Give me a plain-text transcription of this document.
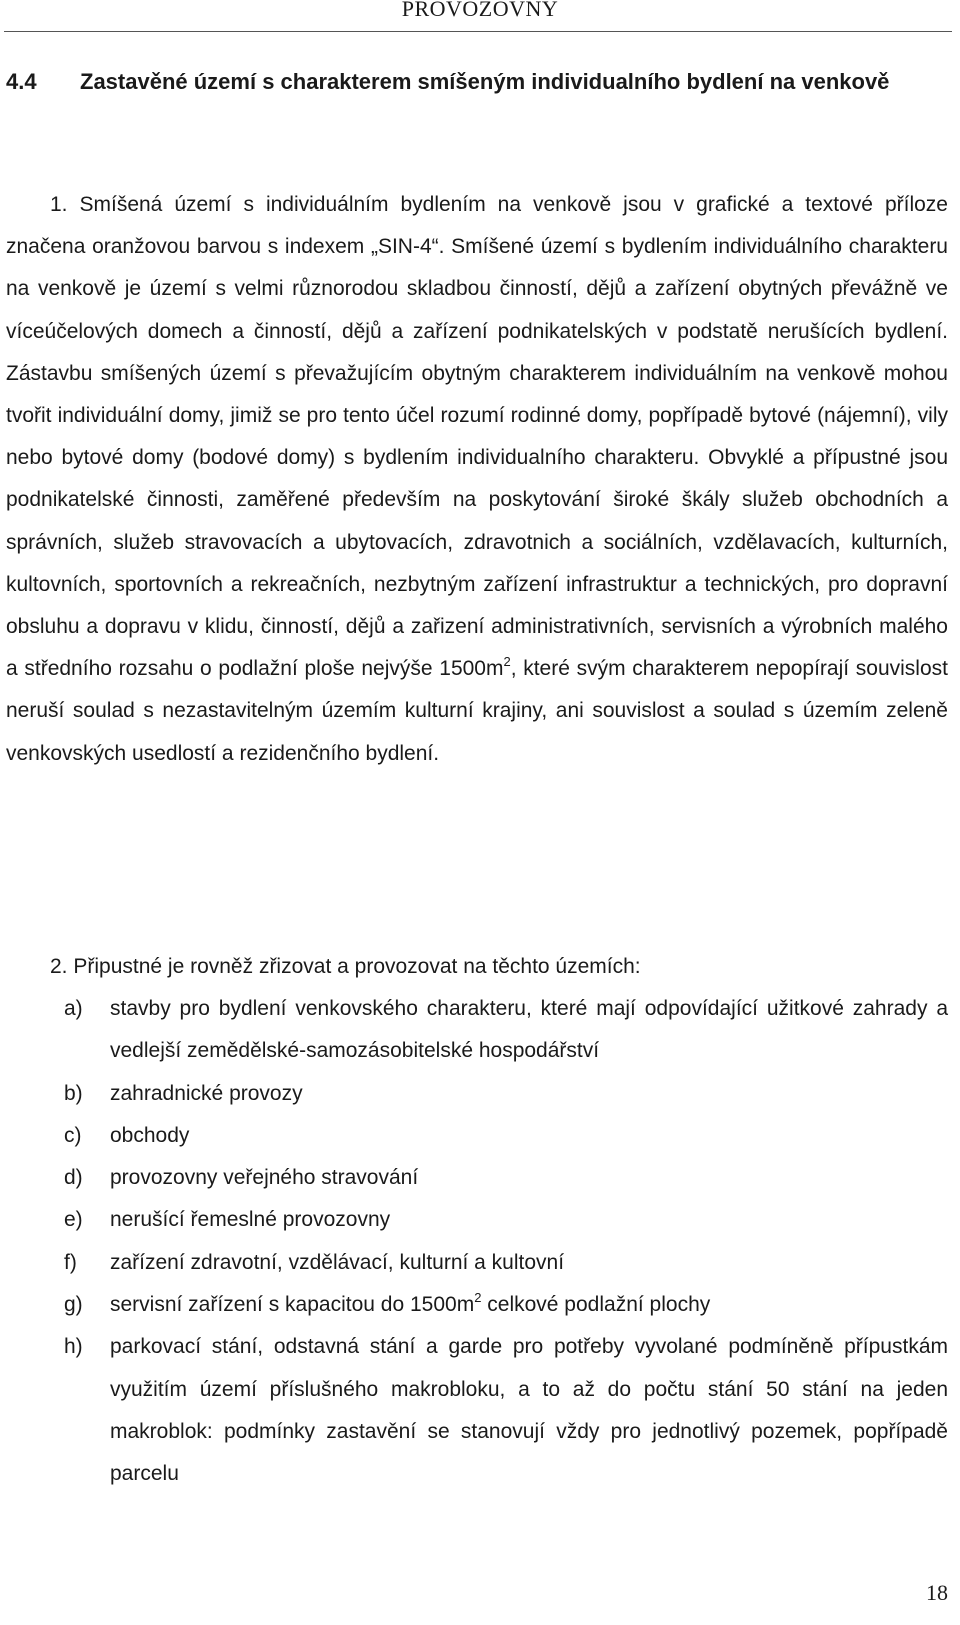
PROVOZOVNY
4.4 Zastavěné území s charakterem smíšeným individualního bydlení na venkově

1. Smíšená území s individuálním bydlením na venkově jsou v grafické a textové příloze značena oranžovou barvou s indexem „SIN-4“. Smíšené území s bydlením individuálního charakteru na venkově je území s velmi různorodou skladbou činností, dějů a zařízení obytných převážně ve víceúčelových domech a činností, dějů a zařízení podnikatelských v podstatě nerušících bydlení. Zástavbu smíšených území s převažujícím obytným charakterem individuálním na venkově mohou tvořit individuální domy, jimiž se pro tento účel rozumí rodinné domy, popřípadě bytové (nájemní), vily nebo bytové domy (bodové domy) s bydlením individualního charakteru. Obvyklé a přípustné jsou podnikatelské činnosti, zaměřené především na poskytování široké škály služeb obchodních a správních, služeb stravovacích a ubytovacích, zdravotnich a sociálních, vzdělavacích, kulturních, kultovních, sportovních a rekreačních, nezbytným zařízení infrastruktur a technických, pro dopravní obsluhu a dopravu v klidu, činností, dějů a zařizení administrativních, servisních a výrobních malého a středního rozsahu o podlažní ploše nejvýše $1500m^2$, které svým charakterem nepopírají souvislost neruší soulad s nezastavitelným územím kulturní krajiny, ani souvislost a soulad s územím zeleně venkovských usedlostí a rezidenčního bydlení.

2. Připustné je rovněž zřizovat a provozovat na těchto územích:

a) stavby pro bydlení venkovského charakteru, které mají odpovídající užitkové zahrady a vedlejší zemědělské-samozásobitelské hospodářství
b) zahradnické provozy
c) obchody
d) provozovny veřejného stravování
e) nerušící řemeslné provozovny
f) zařízení zdravotní, vzdělávací, kulturní a kultovní
g) servisní zařízení s kapacitou do $1500m^2$ celkové podlažní plochy
h) parkovací stání, odstavná stání a garde pro potřeby vyvolané podmíněně přípustkám využitím území příslušného makrobloku, a to až do počtu stání 50 stání na jeden makroblok: podmínky zastavění se stanovují vždy pro jednotlivý pozemek, popřípadě parcelu
18
